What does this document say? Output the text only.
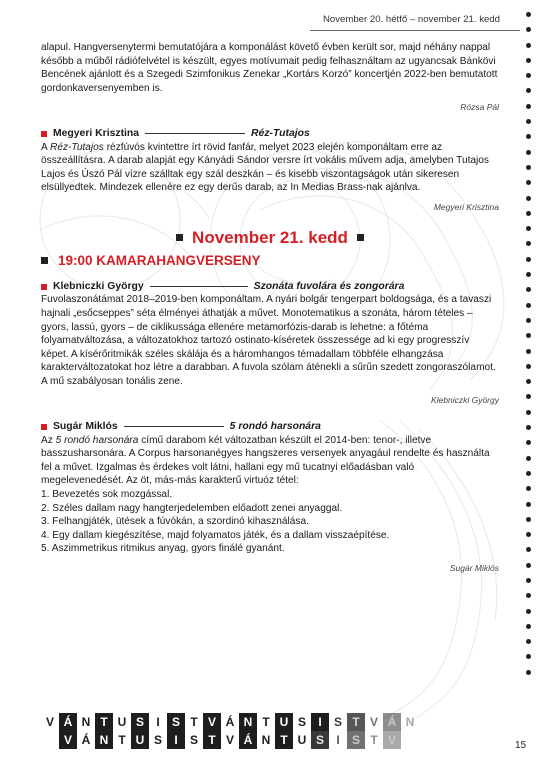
November 20. hétfő – november 21. kedd

alapul. Hangversenytermi bemutatójára a komponálást követő évben került sor, majd néhány nappal később a műből rádiófelvétel is készült, egyes motívumait pedig felhasználtam az ugyancsak Bánkövi Bencének ajánlott és a Szegedi Szimfonikus Zenekar „Kortárs Korzó” koncertjén 2022-ben bemutatott gordonkaversenyemben is.

Rózsa Pál
Megyeri Krisztina	Réz-Tutajos

A Réz-Tutajos rézfúvós kvintettre írt rövid fanfár, melyet 2023 elején komponáltam erre az összeállításra. A darab alapját egy Kányádi Sándor versre írt vokális művem adja, amelyben Tutajos Lajos és Úszó Pál vízre szálltak egy szál deszkán – és kisebb viszontagságok után sikeresen elsüllyedtek. Mindezek ellenére ez egy derűs darab, az In Medias Brass-nak ajánlva.

Megyeri Krisztina
November 21. kedd
19:00 KAMARAHANGVERSENY
Klebniczki György	Szonáta fuvolára és zongorára

Fuvolaszonátámat 2018–2019-ben komponáltam. A nyári bolgár tengerpart boldogsága, és a tavaszi hajnali „esőcseppes” séta élményei áthatják a művet. Monotematikus a szonáta, három tételes – gyors, lassú, gyors – de ciklikussága ellenére metamorfózis-darab is lehetne: a főtéma folyamatváltozása, a változatokhoz tartozó ostinato-kíséretek összessége ad ki egy progresszív képet. A kísérőritmikák széles skálája és a háromhangos témadallam többféle elhangzása karakterváltozatokat hoz létre a darabban. A fuvola szólam áténekli a sűrűn szedett zongoraszólamot. A mű szabályosan tonális zene.

Klebniczki György
Sugár Miklós	5 rondó harsonára

Az 5 rondó harsonára című darabom két változatban készült el 2014-ben: tenor-, illetve basszusharsonára. A Corpus harsonanégyes hangszeres versenyek anyagául rendelte és használta fel a művet. Izgalmas és érdekes volt látni, hallani egy mű tucatnyi előadásban való megelevenedését. Az öt, más-más karakterű virtuóz tétel:

1. Bevezetés sok mozgással.
2. Széles dallam nagy hangterjedelemben előadott zenei anyaggal.
3. Felhangjáték, ütések a fúvókán, a szordinó kihasználása.
4. Egy dallam kiegészítése, majd folyamatos játék, és a dallam visszaépítése.
5. Aszimmetrikus ritmikus anyag, gyors finálé gyanánt.
Sugár Miklós
V Á N T U S I S T V Á N T U S I S T V Á N
V Á N T U S I S T V Á N T U S I S T V	15
